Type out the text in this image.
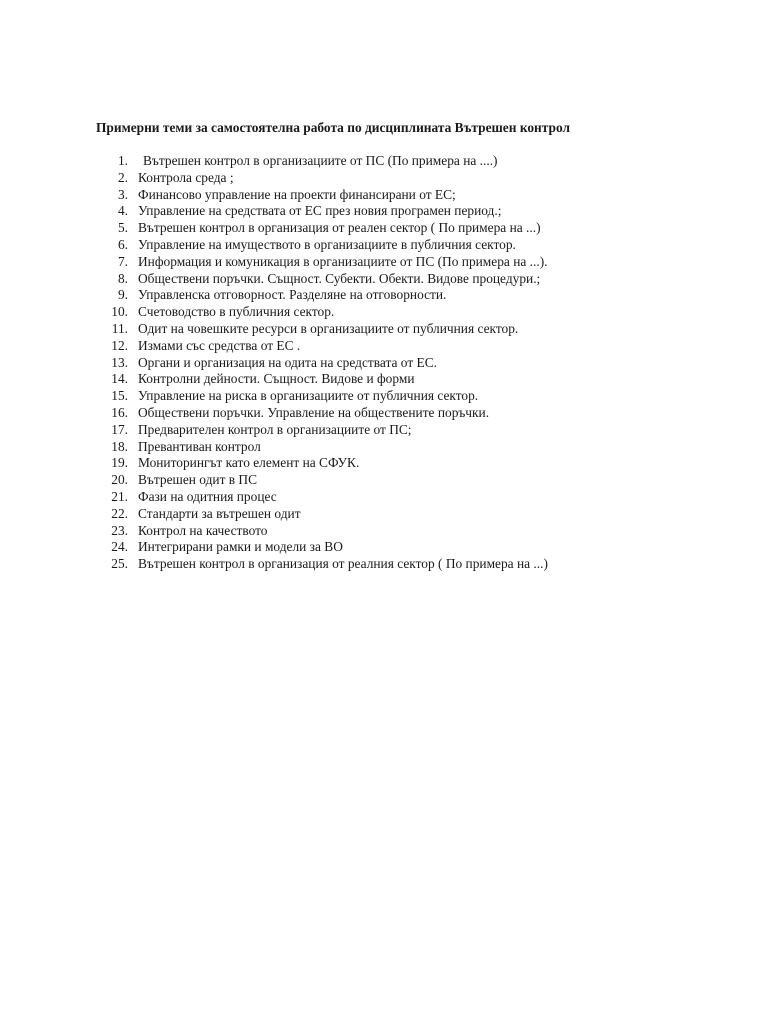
Примерни теми за самостоятелна работа по дисциплината Вътрешен контрол
1. Вътрешен контрол в организациите от ПС (По примера на ....)
2. Контрола среда ;
3. Финансово управление на проекти финансирани от ЕС;
4. Управление на средствата от ЕС през новия програмен период.;
5. Вътрешен контрол в организация от реален сектор ( По примера на ...)
6. Управление на имуществото в организациите в публичния сектор.
7. Информация и комуникация в организациите от ПС (По примера на ...).
8. Обществени поръчки. Същност. Субекти. Обекти. Видове процедури.;
9. Управленска отговорност. Разделяне на отговорности.
10. Счетоводство в публичния сектор.
11. Одит на човешките ресурси в организациите от публичния сектор.
12. Измами със средства от ЕС .
13. Органи и организация на одита на средствата от ЕС.
14. Контролни дейности. Същност. Видове и форми
15. Управление на риска в организациите от публичния сектор.
16. Обществени поръчки. Управление на обществените поръчки.
17. Предварителен контрол в организациите от ПС;
18. Превантиван контрол
19. Мониторингът като елемент на СФУК.
20. Вътрешен одит в ПС
21. Фази на одитния процес
22. Стандарти за вътрешен одит
23. Контрол на качеството
24. Интегрирани рамки и модели за ВО
25. Вътрешен контрол в организация от реалния сектор ( По примера на ...)
